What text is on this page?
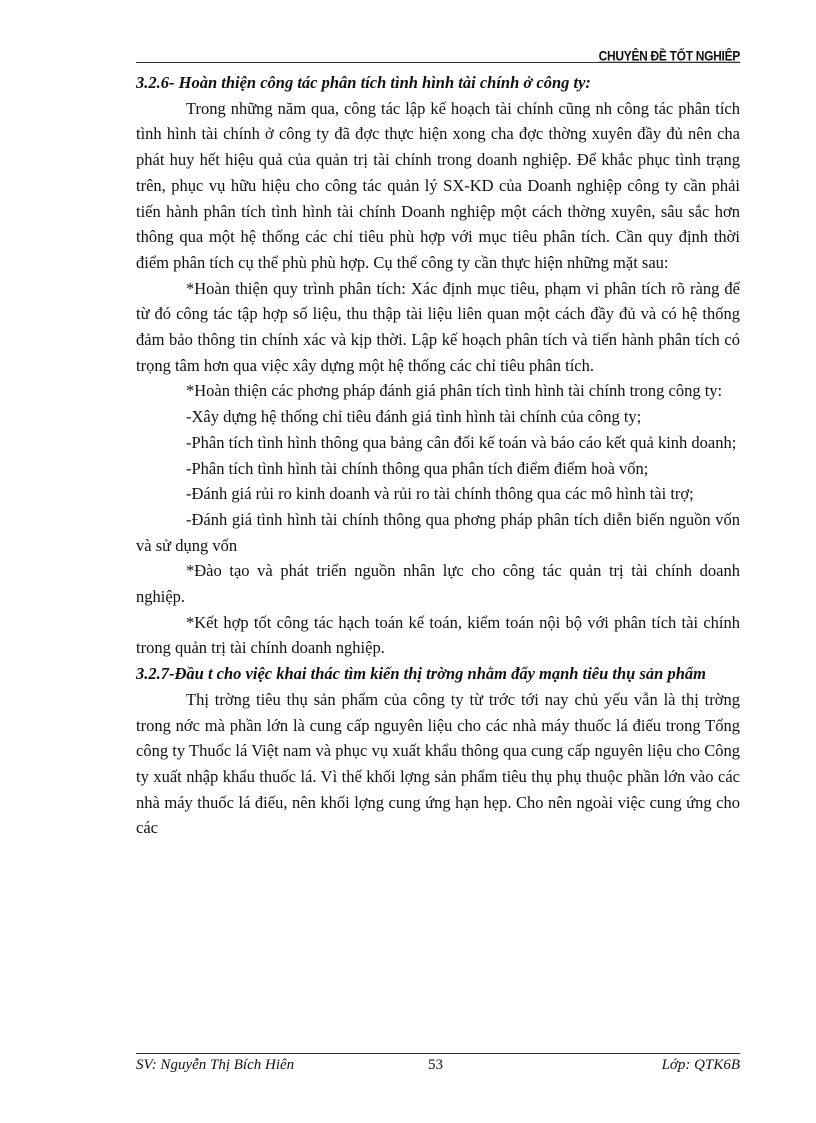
CHUYÊN ĐỀ TỐT NGHIỆP

3.2.6- Hoàn thiện công tác phân tích tình hình tài chính ở công ty:

Trong những năm qua, công tác lập kế hoạch tài chính cũng nh công tác phân tích tình hình tài chính ở công ty đã đợc thực hiện xong cha đợc thờng xuyên đầy đủ nên cha phát huy hết hiệu quả của quản trị tài chính trong doanh nghiệp. Để khắc phục tình trạng trên, phục vụ hữu hiệu cho công tác quản lý SX-KD của Doanh nghiệp công ty cần phải tiến hành phân tích tình hình tài chính Doanh nghiệp một cách thờng xuyên, sâu sắc hơn thông qua một hệ thống các chỉ tiêu phù hợp với mục tiêu phân tích. Cần quy định thời điểm phân tích cụ thể phù phù hợp. Cụ thể công ty cần thực hiện những mặt sau:

*Hoàn thiện quy trình phân tích: Xác định mục tiêu, phạm vi phân tích rõ ràng để từ đó công tác tập hợp số liệu, thu thập tài liệu liên quan một cách đầy đủ và có hệ thống đảm bảo thông tin chính xác và kịp thời. Lập kế hoạch phân tích và tiến hành phân tích có trọng tâm hơn qua việc xây dựng một hệ thống các chỉ tiêu phân tích.

*Hoàn thiện các phơng pháp đánh giá phân tích tình hình tài chính trong công ty:

-Xây dựng hệ thống chỉ tiêu đánh giá tình hình tài chính của công ty;

-Phân tích tình hình thông qua bảng cân đối kế toán và báo cáo kết quả kinh doanh;

-Phân tích tình hình tài chính thông qua phân tích điểm điểm hoà vốn;

-Đánh giá rủi ro kinh doanh và rủi ro tài chính thông qua các mô hình tài trợ;

-Đánh giá tình hình tài chính thông qua phơng pháp phân tích diễn biến nguồn vốn và sử dụng vốn

*Đào tạo và phát triển nguồn nhân lực cho công tác quản trị tài chính doanh nghiệp.

*Kết hợp tốt công tác hạch toán kế toán, kiểm toán nội bộ với phân tích tài chính trong quản trị tài chính doanh nghiệp.

3.2.7-Đầu t cho việc khai thác tìm kiến thị trờng nhằm đẩy mạnh tiêu thụ sản phẩm

Thị trờng tiêu thụ sản phẩm của công ty từ trớc tới nay chủ yếu vẫn là thị trờng trong nớc mà phần lớn là cung cấp nguyên liệu cho các nhà máy thuốc lá điếu trong Tổng công ty Thuốc lá Việt nam và phục vụ xuất khẩu thông qua cung cấp nguyên liệu cho Công ty xuất nhập khẩu thuốc lá. Vì thế khối lợng sản phẩm tiêu thụ phụ thuộc phần lớn vào các nhà máy thuốc lá điếu, nên khối lợng cung ứng hạn hẹp. Cho nên ngoài việc cung ứng cho các

SV: Nguyễn Thị Bích Hiên	53	Lớp: QTK6B
